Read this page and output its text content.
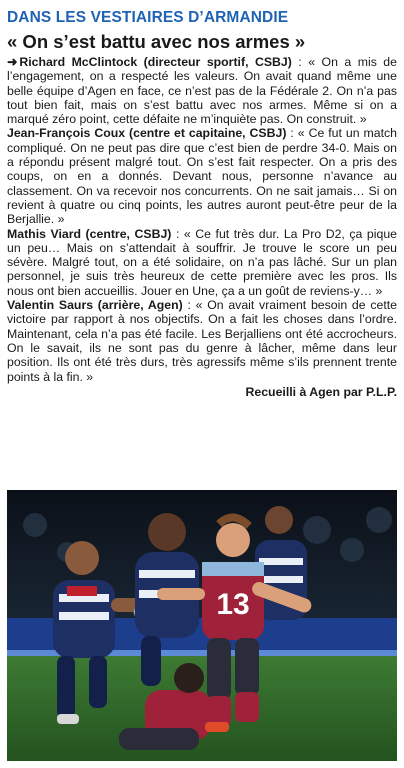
DANS LES VESTIAIRES D’ARMANDIE
« On s’est battu avec nos armes »

➜ Richard McClintock (directeur sportif, CSBJ) : « On a mis de l’engagement, on a respecté les valeurs. On avait quand même une belle équipe d’Agen en face, ce n’est pas de la Fédérale 2. On n’a pas tout bien fait, mais on s’est battu avec nos armes. Même si on a marqué zéro point, cette défaite ne m’inquiète pas. On construit. »

Jean-François Coux (centre et capitaine, CSBJ) : « Ce fut un match compliqué. On ne peut pas dire que c’est bien de perdre 34-0. Mais on a répondu présent malgré tout. On s’est fait respecter. On a pris des coups, on en a donnés. Devant nous, personne n’avance au classement. On va recevoir nos concurrents. On ne sait jamais… Si on revient à quatre ou cinq points, les autres auront peut-être peur de la Berjallie. »

Mathis Viard (centre, CSBJ) : « Ce fut très dur. La Pro D2, ça pique un peu… Mais on s’attendait à souffrir. Je trouve le score un peu sévère. Malgré tout, on a été solidaire, on n’a pas lâché. Sur un plan personnel, je suis très heureux de cette première avec les pros. Ils nous ont bien accueillis. Jouer en Une, ça a un goût de reviens-y… »

Valentin Saurs (arrière, Agen) : « On avait vraiment besoin de cette victoire par rapport à nos objectifs. On a fait les choses dans l’ordre. Maintenant, cela n’a pas été facile. Les Berjalliens ont été accrocheurs. On le savait, ils ne sont pas du genre à lâcher, même dans leur position. Ils ont été très durs, très agressifs même s’ils prennent trente points à la fin. »

Recueilli à Agen par P.L.P.

13
